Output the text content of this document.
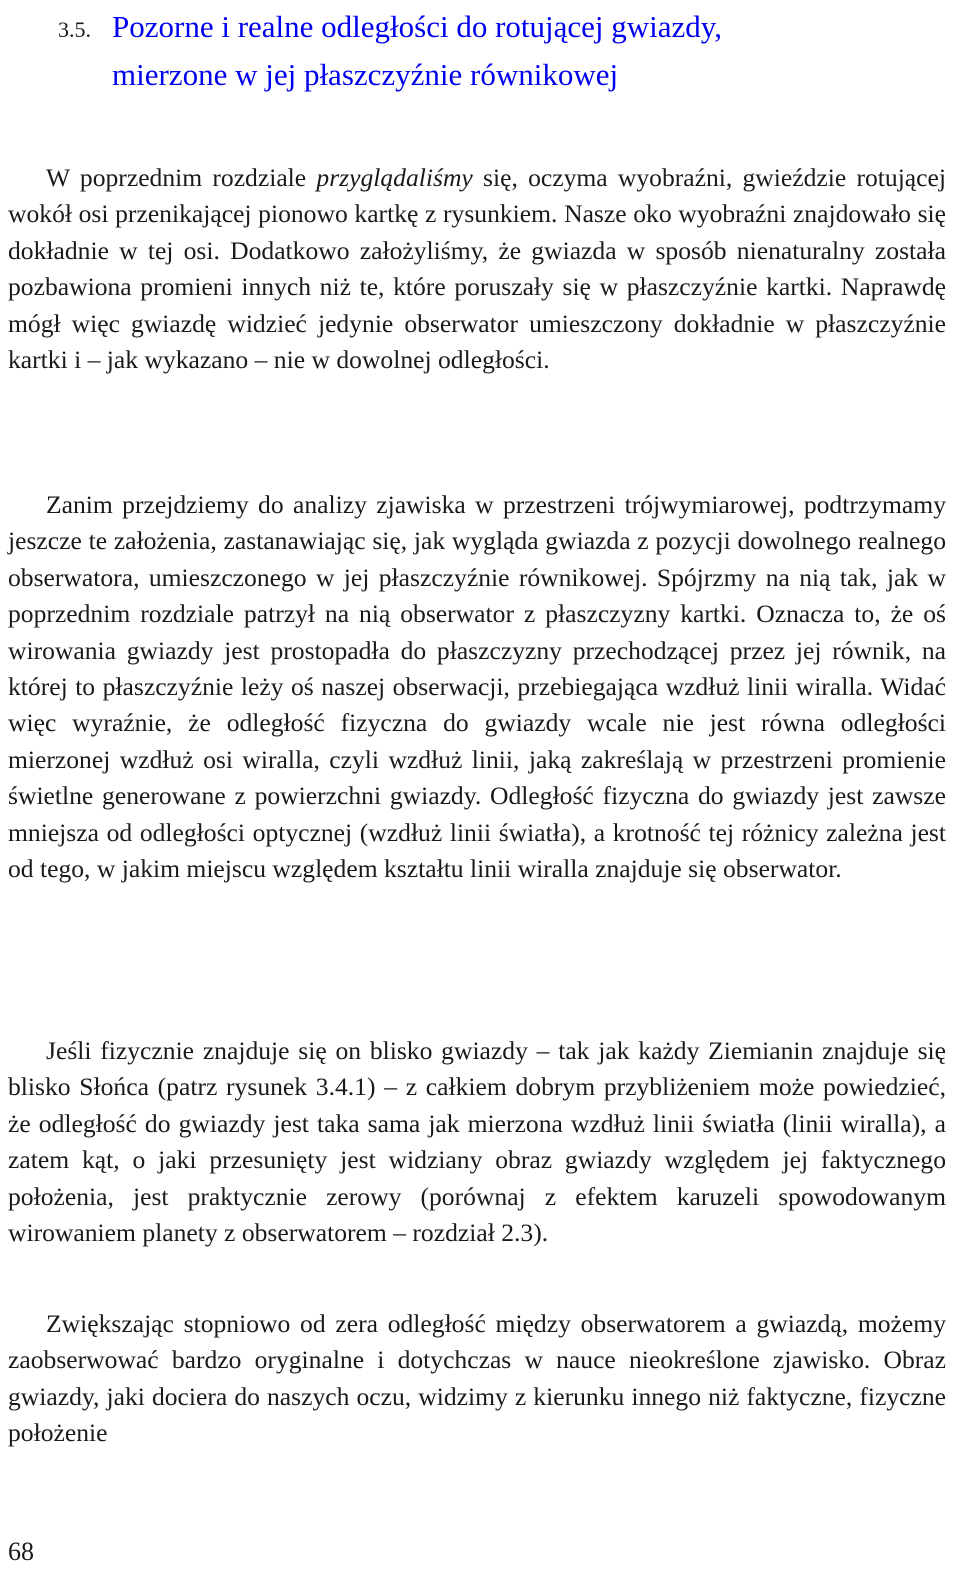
3.5. Pozorne i realne odległości do rotującej gwiazdy,
mierzone w jej płaszczyźnie równikowej

W poprzednim rozdziale przyglądaliśmy się, oczyma wyobraźni, gwieździe rotującej wokół osi przenikającej pionowo kartkę z rysunkiem. Nasze oko wyobraźni znajdowało się dokładnie w tej osi. Dodatkowo założyliśmy, że gwiazda w sposób nienaturalny została pozbawiona promieni innych niż te, które poruszały się w płaszczyźnie kartki. Naprawdę mógł więc gwiazdę widzieć jedynie obserwator umieszczony dokładnie w płaszczyźnie kartki i – jak wykazano – nie w dowolnej odległości.

Zanim przejdziemy do analizy zjawiska w przestrzeni trójwymiarowej, podtrzymamy jeszcze te założenia, zastanawiając się, jak wygląda gwiazda z pozycji dowolnego realnego obserwatora, umieszczonego w jej płaszczyźnie równikowej. Spójrzmy na nią tak, jak w poprzednim rozdziale patrzył na nią obserwator z płaszczyzny kartki. Oznacza to, że oś wirowania gwiazdy jest prostopadła do płaszczyzny przechodzącej przez jej równik, na której to płaszczyźnie leży oś naszej obserwacji, przebiegająca wzdłuż linii wiralla. Widać więc wyraźnie, że odległość fizyczna do gwiazdy wcale nie jest równa odległości mierzonej wzdłuż osi wiralla, czyli wzdłuż linii, jaką zakreślają w przestrzeni promienie świetlne generowane z powierzchni gwiazdy. Odległość fizyczna do gwiazdy jest zawsze mniejsza od odległości optycznej (wzdłuż linii światła), a krotność tej różnicy zależna jest od tego, w jakim miejscu względem kształtu linii wiralla znajduje się obserwator.

Jeśli fizycznie znajduje się on blisko gwiazdy – tak jak każdy Ziemianin znajduje się blisko Słońca (patrz rysunek 3.4.1) – z całkiem dobrym przybliżeniem może powiedzieć, że odległość do gwiazdy jest taka sama jak mierzona wzdłuż linii światła (linii wiralla), a zatem kąt, o jaki przesunięty jest widziany obraz gwiazdy względem jej faktycznego położenia, jest praktycznie zerowy (porównaj z efektem karuzeli spowodowanym wirowaniem planety z obserwatorem – rozdział 2.3).

Zwiększając stopniowo od zera odległość między obserwatorem a gwiazdą, możemy zaobserwować bardzo oryginalne i dotychczas w nauce nieokreślone zjawisko. Obraz gwiazdy, jaki dociera do naszych oczu, widzimy z kierunku innego niż faktyczne, fizyczne położenie

68
